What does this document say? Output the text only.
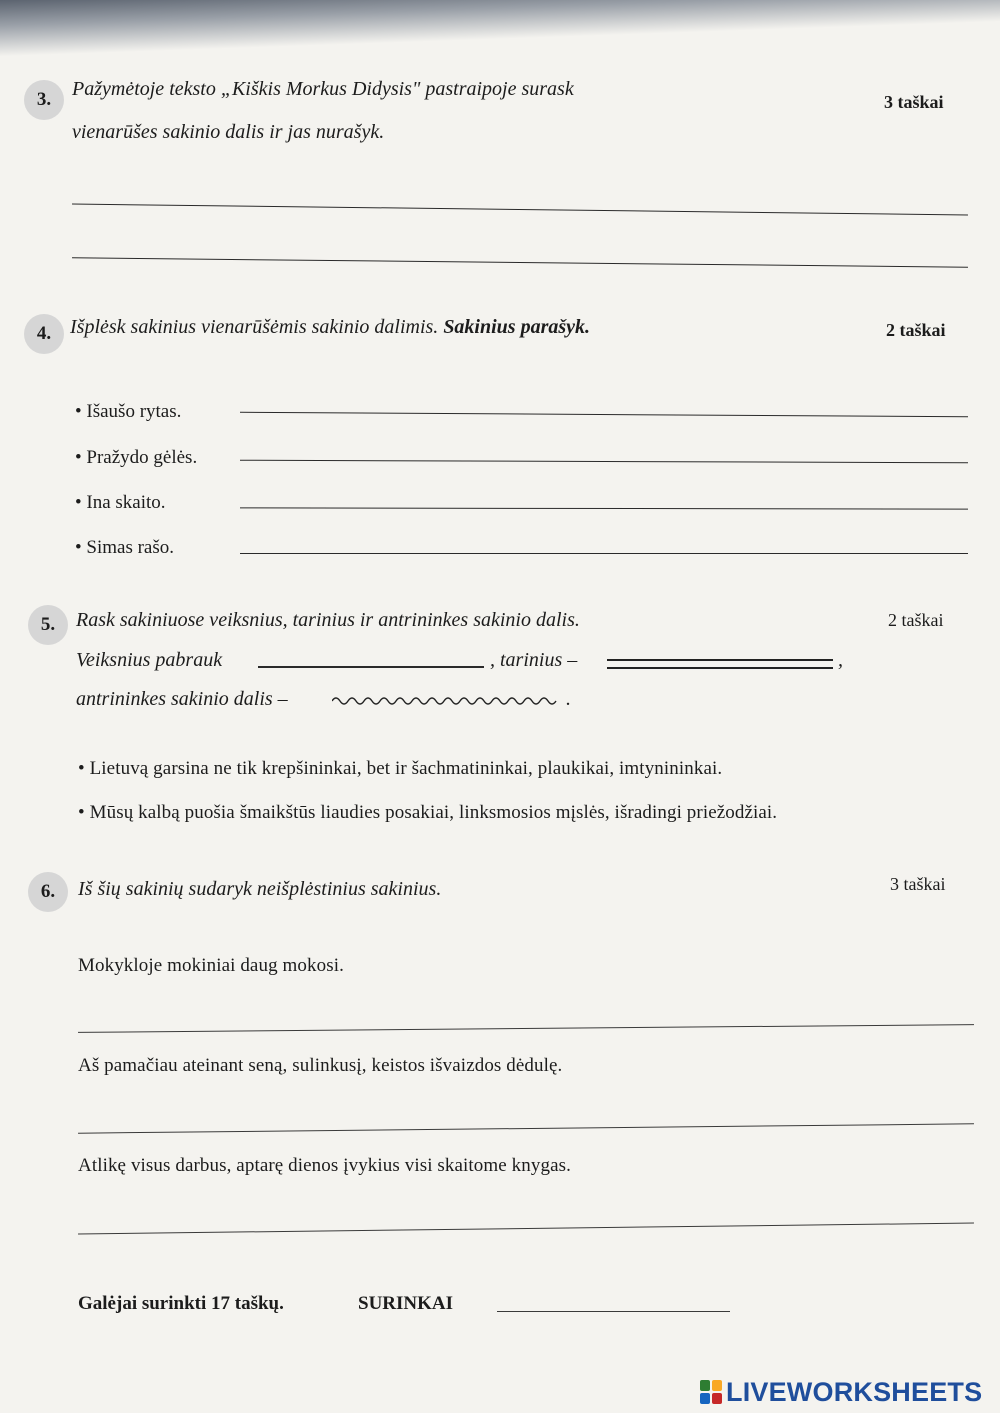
3.	Pažymėtoje teksto „Kiškis Morkus Didysis" pastraipoje surask
vienarūšes sakinio dalis ir jas nurašyk.
3 taškai
4. Išplėsk sakinius vienarūšėmis sakinio dalimis. Sakinius parašyk.	2 taškai
• Išaušo rytas.
• Pražydo gėlės.
• Ina skaito.
• Simas rašo.
5.	Rask sakiniuose veiksnius, tarinius ir antrininkes sakinio dalis.	2 taškai
Veiksnius pabrauk	, tarinius –	,
antrininkes sakinio dalis –	.
• Lietuvą garsina ne tik krepšininkai, bet ir šachmatininkai, plaukikai, imtynininkai.
• Mūsų kalbą puošia šmaikštūs liaudies posakiai, linksmosios mįslės, išradingi priežodžiai.
6.	Iš šių sakinių sudaryk neišplėstinius sakinius.	3 taškai
Mokykloje mokiniai daug mokosi.
Aš pamačiau ateinant seną, sulinkusį, keistos išvaizdos dėdulę.
Atlikę visus darbus, aptarę dienos įvykius visi skaitome knygas.
Galėjai surinkti 17 taškų.	SURINKAI
LIVEWORKSHEETS
